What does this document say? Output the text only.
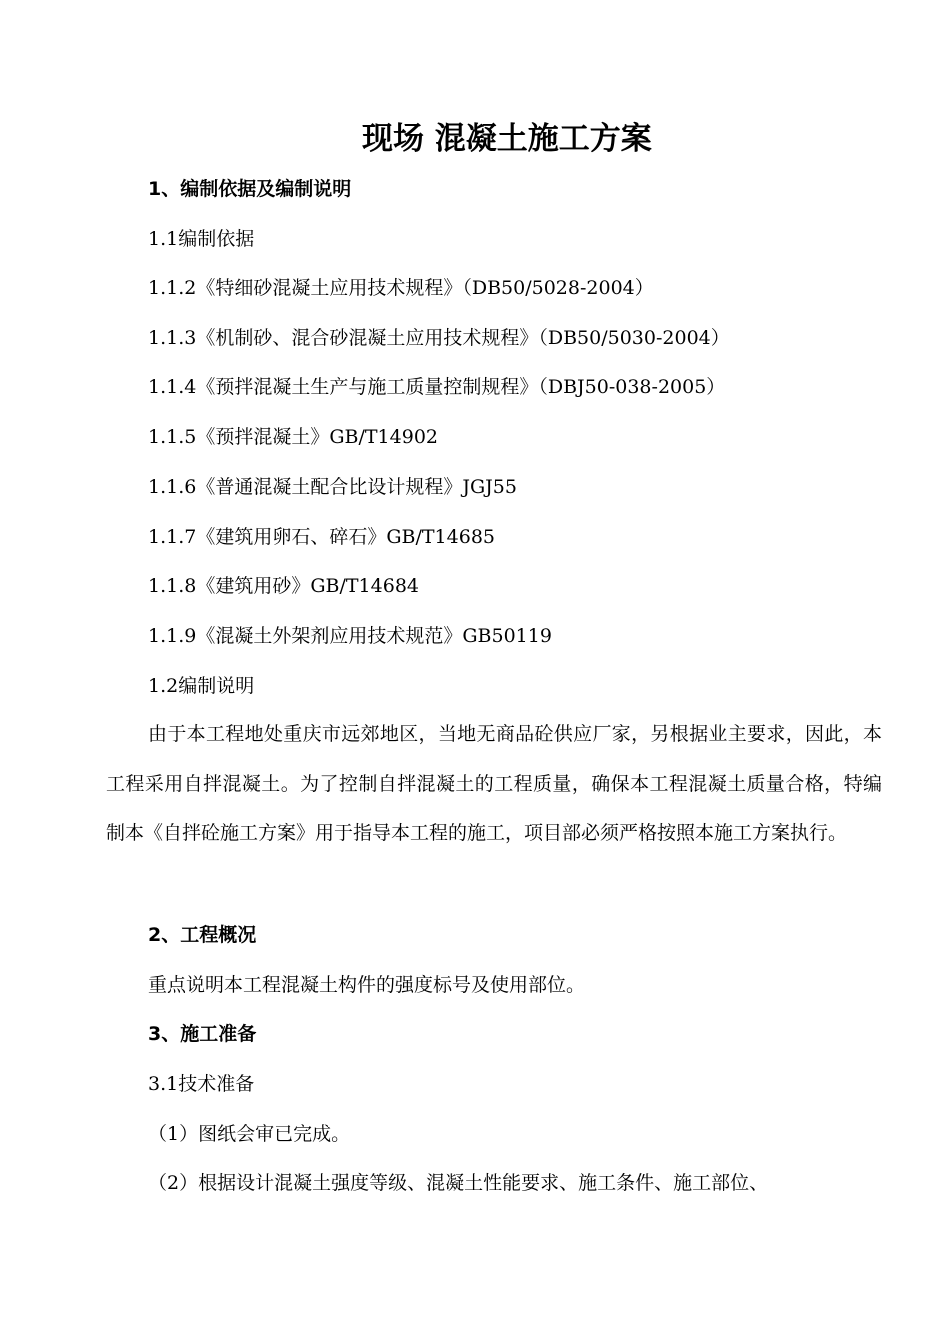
现场 混凝土施工方案
1、编制依据及编制说明
1.1编制依据
1.1.2《特细砂混凝土应用技术规程》（DB50/5028-2004）
1.1.3《机制砂、混合砂混凝土应用技术规程》（DB50/5030-2004）
1.1.4《预拌混凝土生产与施工质量控制规程》（DBJ50-038-2005）
1.1.5《预拌混凝土》GB/T14902
1.1.6《普通混凝土配合比设计规程》JGJ55
1.1.7《建筑用卵石、碎石》GB/T14685
1.1.8《建筑用砂》GB/T14684
1.1.9《混凝土外架剂应用技术规范》GB50119
1.2编制说明
由于本工程地处重庆市远郊地区，当地无商品砼供应厂家，另根据业主要求，因此，本工程采用自拌混凝土。为了控制自拌混凝土的工程质量，确保本工程混凝土质量合格，特编制本《自拌砼施工方案》用于指导本工程的施工，项目部必须严格按照本施工方案执行。
2、工程概况
重点说明本工程混凝土构件的强度标号及使用部位。
3、施工准备
3.1技术准备
（1）图纸会审已完成。
（2）根据设计混凝土强度等级、混凝土性能要求、施工条件、施工部位、
